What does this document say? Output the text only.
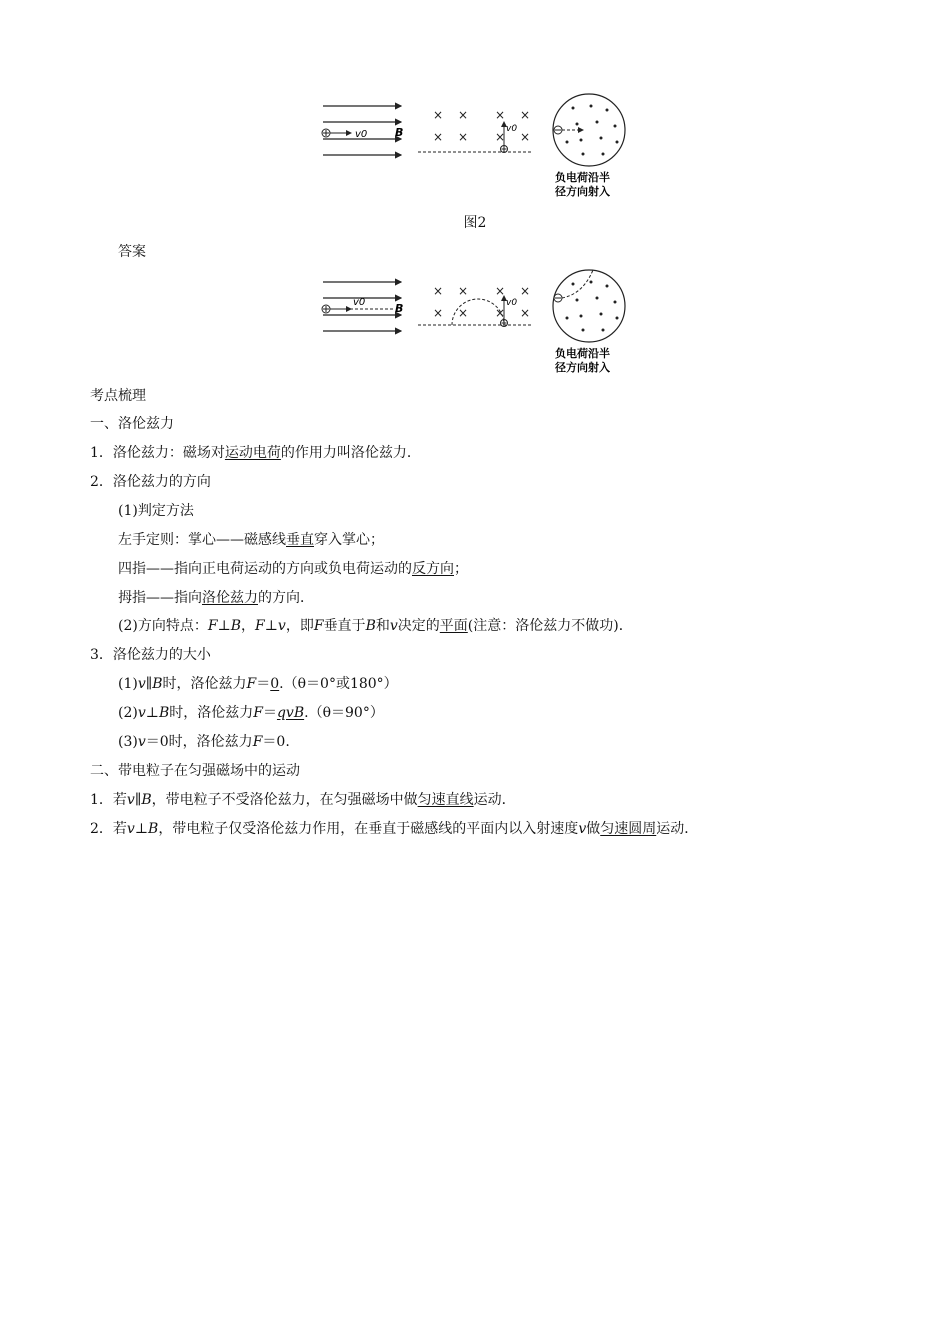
v0	B
× × × ×
× × × ×
v0
负电荷沿半
径方向射入
图2
答案
v0	B
× × × ×
× × × ×
v0
负电荷沿半
径方向射入
考点梳理
一、洛伦兹力
1．洛伦兹力：磁场对运动电荷的作用力叫洛伦兹力．
2．洛伦兹力的方向
(1)判定方法
左手定则：掌心——磁感线垂直穿入掌心；
四指——指向正电荷运动的方向或负电荷运动的反方向；
拇指——指向洛伦兹力的方向．
(2)方向特点：F⊥B，F⊥v，即F垂直于B和v决定的平面(注意：洛伦兹力不做功)．
3．洛伦兹力的大小
(1)v∥B时，洛伦兹力F＝0.（θ＝0°或180°）
(2)v⊥B时，洛伦兹力F＝qvB.（θ＝90°）
(3)v＝0时，洛伦兹力F＝0.
二、带电粒子在匀强磁场中的运动
1．若v∥B，带电粒子不受洛伦兹力，在匀强磁场中做匀速直线运动．
2．若v⊥B，带电粒子仅受洛伦兹力作用，在垂直于磁感线的平面内以入射速度v做匀速圆周运动．
